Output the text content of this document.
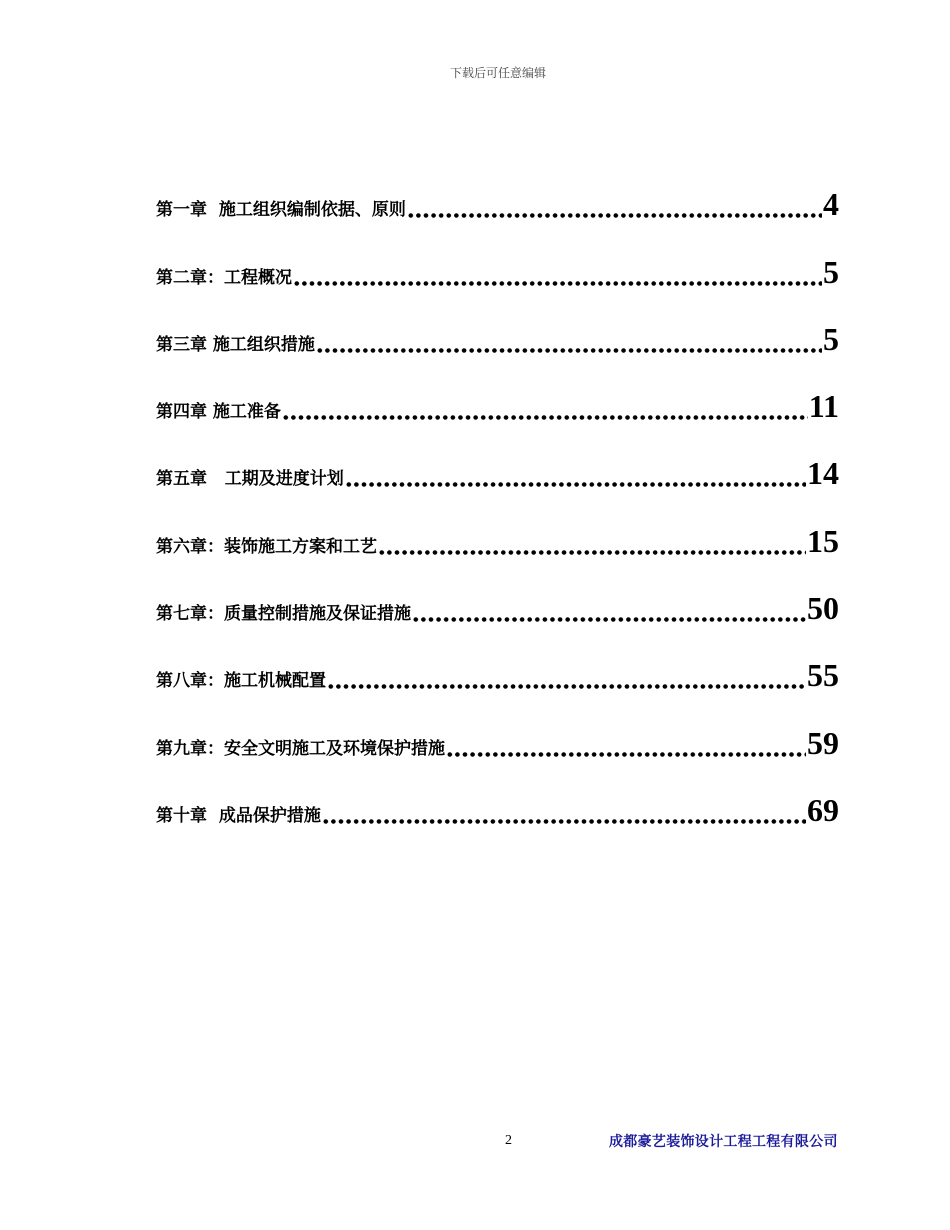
下载后可任意编辑
第一章  施工组织编制依据、原则	4
第二章：工程概况	5
第三章 施工组织措施	5
第四章 施工准备	11
第五章   工期及进度计划	14
第六章：装饰施工方案和工艺	15
第七章：质量控制措施及保证措施	50
第八章：施工机械配置	55
第九章：安全文明施工及环境保护措施	59
第十章  成品保护措施	69
2	成都豪艺装饰设计工程工程有限公司
